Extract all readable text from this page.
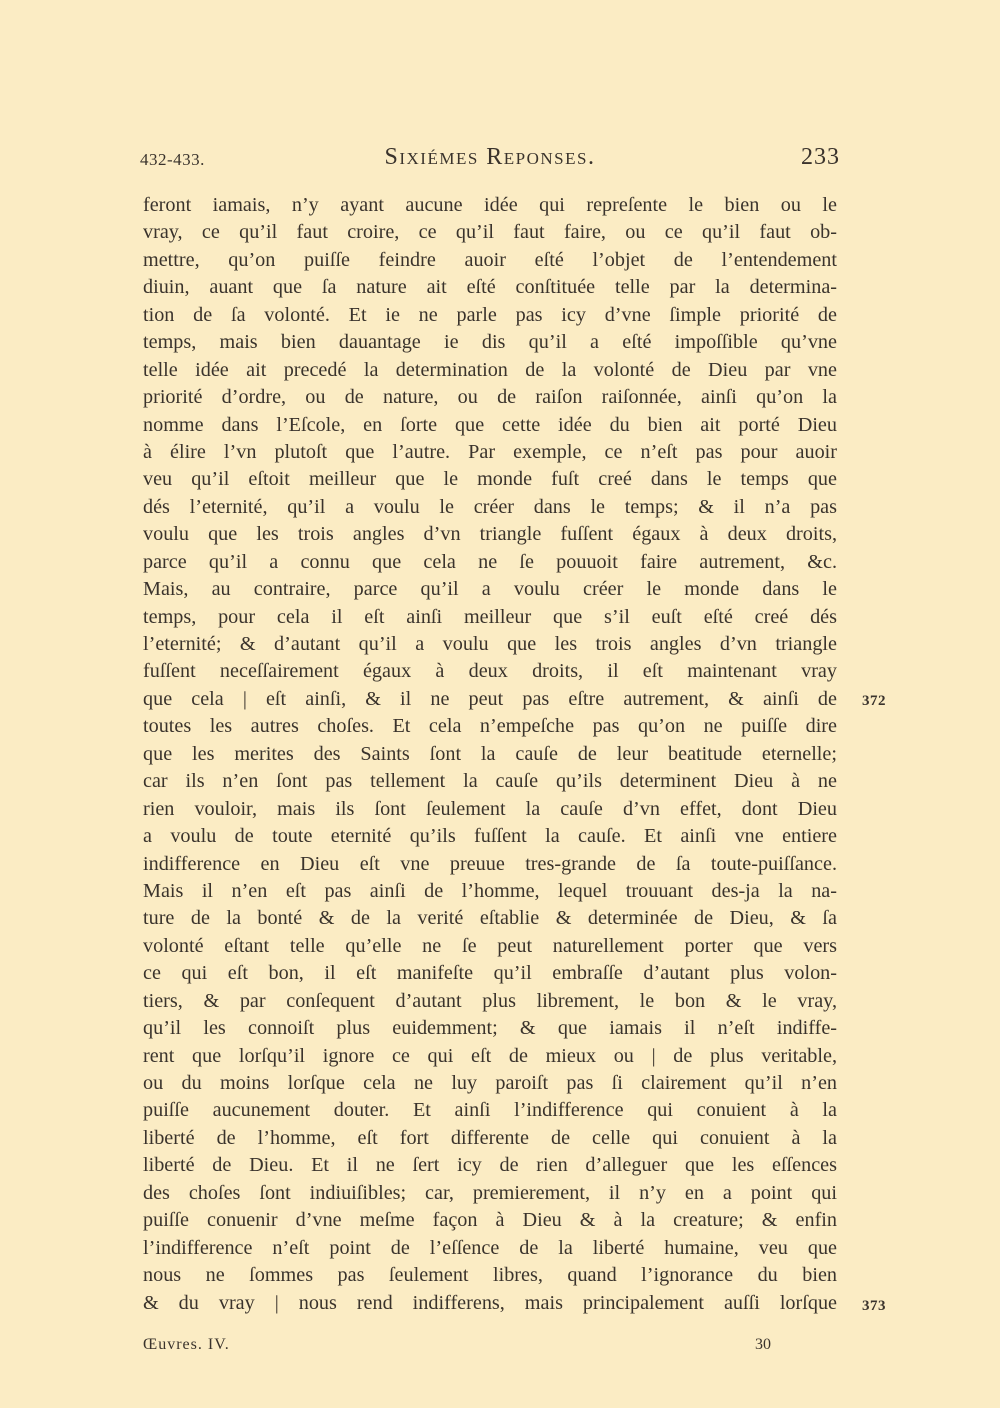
432-433.	Sixiémes Reponses.	233
feront iamais, n’y ayant aucune idée qui repreſente le bien ou le
vray, ce qu’il faut croire, ce qu’il faut faire, ou ce qu’il faut ob-
mettre, qu’on puiſſe feindre auoir eſté l’objet de l’entendement
diuin, auant que ſa nature ait eſté conſtituée telle par la determina-
tion de ſa volonté. Et ie ne parle pas icy d’vne ſimple priorité de
temps, mais bien dauantage ie dis qu’il a eſté impoſſible qu’vne
telle idée ait precedé la determination de la volonté de Dieu par vne
priorité d’ordre, ou de nature, ou de raiſon raiſonnée, ainſi qu’on la
nomme dans l’Eſcole, en ſorte que cette idée du bien ait porté Dieu
à élire l’vn plutoſt que l’autre. Par exemple, ce n’eſt pas pour auoir
veu qu’il eſtoit meilleur que le monde fuſt creé dans le temps que
dés l’eternité, qu’il a voulu le créer dans le temps; & il n’a pas
voulu que les trois angles d’vn triangle fuſſent égaux à deux droits,
parce qu’il a connu que cela ne ſe pouuoit faire autrement, &c.
Mais, au contraire, parce qu’il a voulu créer le monde dans le
temps, pour cela il eſt ainſi meilleur que s’il euſt eſté creé dés
l’eternité; & d’autant qu’il a voulu que les trois angles d’vn triangle
fuſſent neceſſairement égaux à deux droits, il eſt maintenant vray
que cela | eſt ainſi, & il ne peut pas eſtre autrement, & ainſi de
toutes les autres choſes. Et cela n’empeſche pas qu’on ne puiſſe dire
que les merites des Saints ſont la cauſe de leur beatitude eternelle;
car ils n’en ſont pas tellement la cauſe qu’ils determinent Dieu à ne
rien vouloir, mais ils ſont ſeulement la cauſe d’vn effet, dont Dieu
a voulu de toute eternité qu’ils fuſſent la cauſe. Et ainſi vne entiere
indifference en Dieu eſt vne preuue tres-grande de ſa toute-puiſſance.
Mais il n’en eſt pas ainſi de l’homme, lequel trouuant des-ja la na-
ture de la bonté & de la verité eſtablie & determinée de Dieu, & ſa
volonté eſtant telle qu’elle ne ſe peut naturellement porter que vers
ce qui eſt bon, il eſt manifeſte qu’il embraſſe d’autant plus volon-
tiers, & par conſequent d’autant plus librement, le bon & le vray,
qu’il les connoiſt plus euidemment; & que iamais il n’eſt indiffe-
rent que lorſqu’il ignore ce qui eſt de mieux ou | de plus veritable,
ou du moins lorſque cela ne luy paroiſt pas ſi clairement qu’il n’en
puiſſe aucunement douter. Et ainſi l’indifference qui conuient à la
liberté de l’homme, eſt fort differente de celle qui conuient à la
liberté de Dieu. Et il ne ſert icy de rien d’alleguer que les eſſences
des choſes ſont indiuiſibles; car, premierement, il n’y en a point qui
puiſſe conuenir d’vne meſme façon à Dieu & à la creature; & enfin
l’indifference n’eſt point de l’eſſence de la liberté humaine, veu que
nous ne ſommes pas ſeulement libres, quand l’ignorance du bien
& du vray | nous rend indifferens, mais principalement auſſi lorſque
372
373
Œuvres. IV.	30
